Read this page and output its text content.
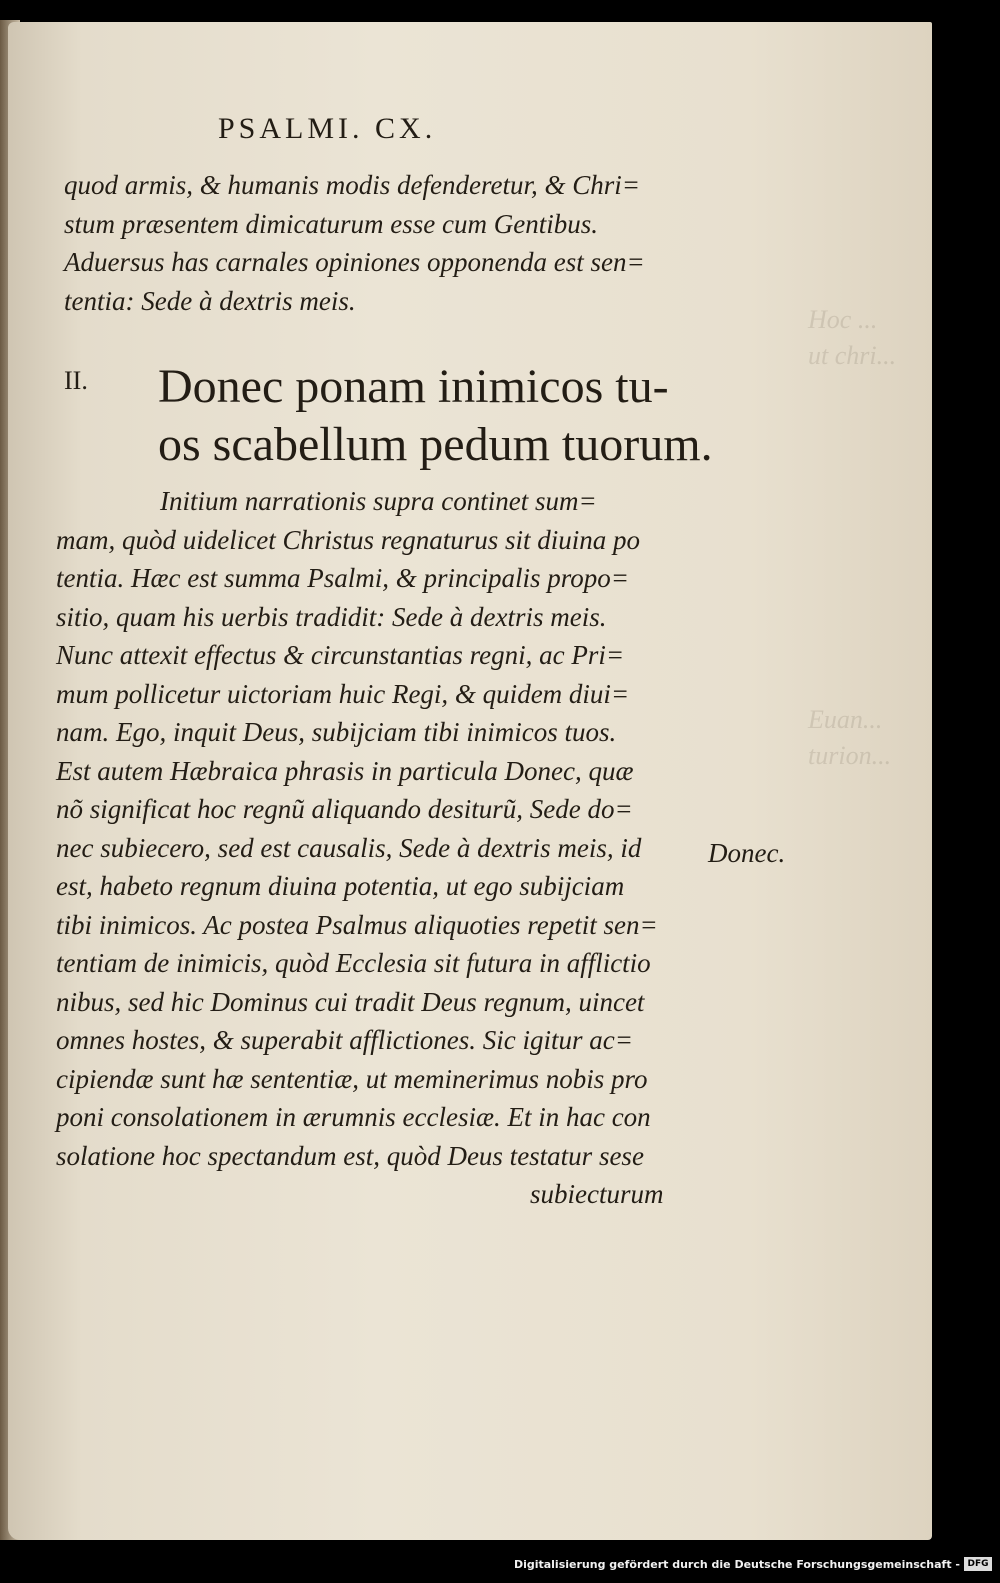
Hoc ...
ut chri...
Euan...
turion...
PSALMI. CX.
quod armis, & humanis modis defenderetur, & Chri=
stum præsentem dimicaturum esse cum Gentibus.
Aduersus has carnales opiniones opponenda est sen=
tentia: Sede à dextris meis.
II. Donec ponam inimicos tu-
os scabellum pedum tuorum.
Initium narrationis supra continet sum=
mam, quòd uidelicet Christus regnaturus sit diuina po
tentia. Hæc est summa Psalmi, & principalis propo=
sitio, quam his uerbis tradidit: Sede à dextris meis.
Nunc attexit effectus & circunstantias regni, ac Pri=
mum pollicetur uictoriam huic Regi, & quidem diui=
nam. Ego, inquit Deus, subijciam tibi inimicos tuos.
Est autem Hæbraica phrasis in particula Donec, quæ
nõ significat hoc regnũ aliquando desiturũ, Sede do=
nec subiecero, sed est causalis, Sede à dextris meis, id
est, habeto regnum diuina potentia, ut ego subijciam
tibi inimicos. Ac postea Psalmus aliquoties repetit sen=
tentiam de inimicis, quòd Ecclesia sit futura in afflictio
nibus, sed hic Dominus cui tradit Deus regnum, uincet
omnes hostes, & superabit afflictiones. Sic igitur ac=
cipiendæ sunt hæ sententiæ, ut meminerimus nobis pro
poni consolationem in ærumnis ecclesiæ. Et in hac con
solatione hoc spectandum est, quòd Deus testatur sese
subiecturum
Donec.
Digitalisierung gefördert durch die Deutsche Forschungsgemeinschaft - DFG
